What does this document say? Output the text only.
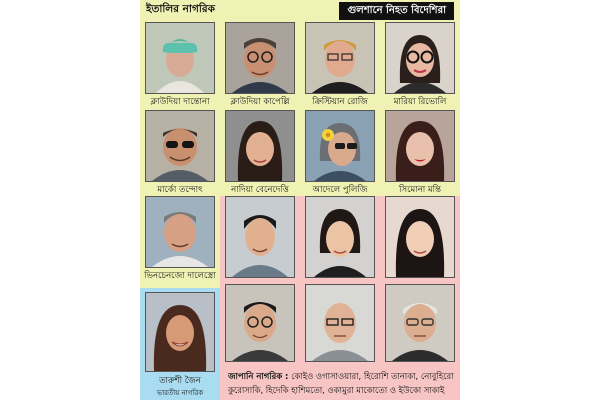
ইতালির নাগরিক	গুলশানে নিহত বিদেশিরা
ক্লাউদিয়া দান্তোনা	ক্লাউদিয়া কাপেল্লি	ক্রিস্টিয়ান রোজি	মারিয়া রিভোলি
মার্কো তন্দোৎ	নাদিয়া বেনেদেত্তি	আদেলে পুলিজি	সিমোনা মন্তি
ভিনচেনজো দালেস্ত্রো
তারুশী জৈন
ভারতীয় নাগরিক
জাপানি নাগরিক : কোইও ওগাসাওয়ারা, হিরোশি তানাকা, নোবুহিরো
কুরোসাকি, হিদেকি হাশিমতো, ওকামুরা মাকোতো ও ইউকো সাকাই
